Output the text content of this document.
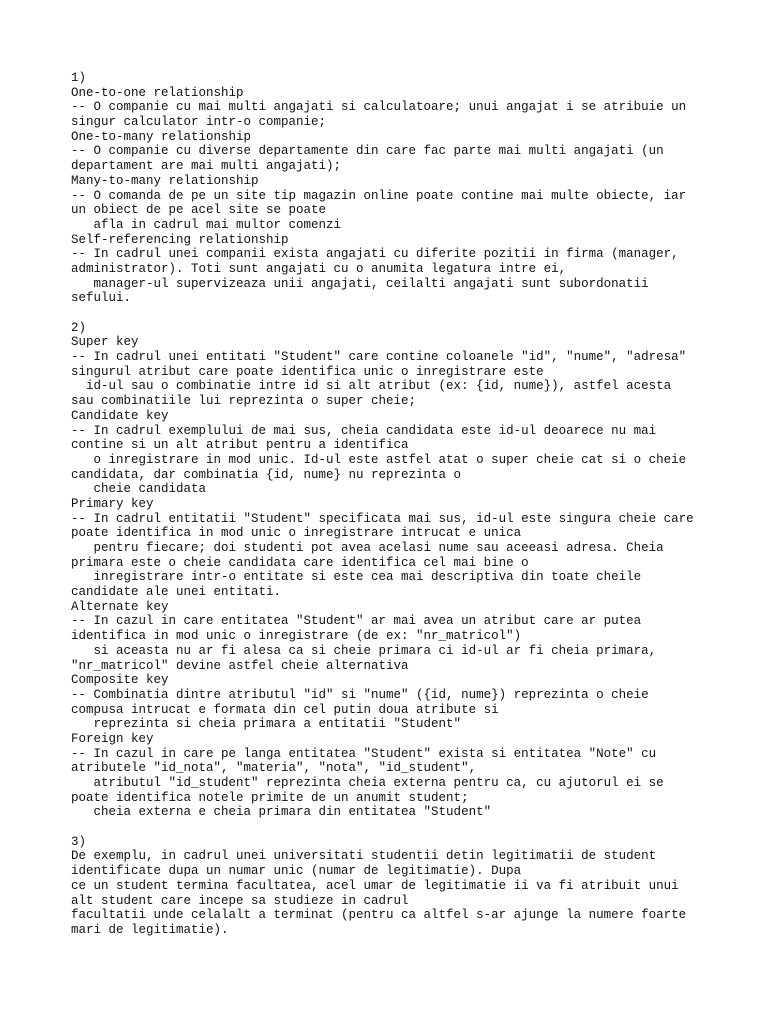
1)
One-to-one relationship
-- O companie cu mai multi angajati si calculatoare; unui angajat i se atribuie un
singur calculator intr-o companie;
One-to-many relationship
-- O companie cu diverse departamente din care fac parte mai multi angajati (un
departament are mai multi angajati);
Many-to-many relationship
-- O comanda de pe un site tip magazin online poate contine mai multe obiecte, iar
un obiect de pe acel site se poate
afla in cadrul mai multor comenzi
Self-referencing relationship
-- In cadrul unei companii exista angajati cu diferite pozitii in firma (manager,
administrator). Toti sunt angajati cu o anumita legatura intre ei,
manager-ul supervizeaza unii angajati, ceilalti angajati sunt subordonatii
sefului.
2)
Super key
-- In cadrul unei entitati "Student" care contine coloanele "id", "nume", "adresa"
singurul atribut care poate identifica unic o inregistrare este
id-ul sau o combinatie intre id si alt atribut (ex: {id, nume}), astfel acesta
sau combinatiile lui reprezinta o super cheie;
Candidate key
-- In cadrul exemplului de mai sus, cheia candidata este id-ul deoarece nu mai
contine si un alt atribut pentru a identifica
o inregistrare in mod unic. Id-ul este astfel atat o super cheie cat si o cheie
candidata, dar combinatia {id, nume} nu reprezinta o
cheie candidata
Primary key
-- In cadrul entitatii "Student" specificata mai sus, id-ul este singura cheie care
poate identifica in mod unic o inregistrare intrucat e unica
pentru fiecare; doi studenti pot avea acelasi nume sau aceeasi adresa. Cheia
primara este o cheie candidata care identifica cel mai bine o
inregistrare intr-o entitate si este cea mai descriptiva din toate cheile
candidate ale unei entitati.
Alternate key
-- In cazul in care entitatea "Student" ar mai avea un atribut care ar putea
identifica in mod unic o inregistrare (de ex: "nr_matricol")
si aceasta nu ar fi alesa ca si cheie primara ci id-ul ar fi cheia primara,
"nr_matricol" devine astfel cheie alternativa
Composite key
-- Combinatia dintre atributul "id" si "nume" ({id, nume}) reprezinta o cheie
compusa intrucat e formata din cel putin doua atribute si
reprezinta si cheia primara a entitatii "Student"
Foreign key
-- In cazul in care pe langa entitatea "Student" exista si entitatea "Note" cu
atributele "id_nota", "materia", "nota", "id_student",
atributul "id_student" reprezinta cheia externa pentru ca, cu ajutorul ei se
poate identifica notele primite de un anumit student;
cheia externa e cheia primara din entitatea "Student"
3)
De exemplu, in cadrul unei universitati studentii detin legitimatii de student
identificate dupa un numar unic (numar de legitimatie). Dupa
ce un student termina facultatea, acel umar de legitimatie ii va fi atribuit unui
alt student care incepe sa studieze in cadrul
facultatii unde celalalt a terminat (pentru ca altfel s-ar ajunge la numere foarte
mari de legitimatie).
